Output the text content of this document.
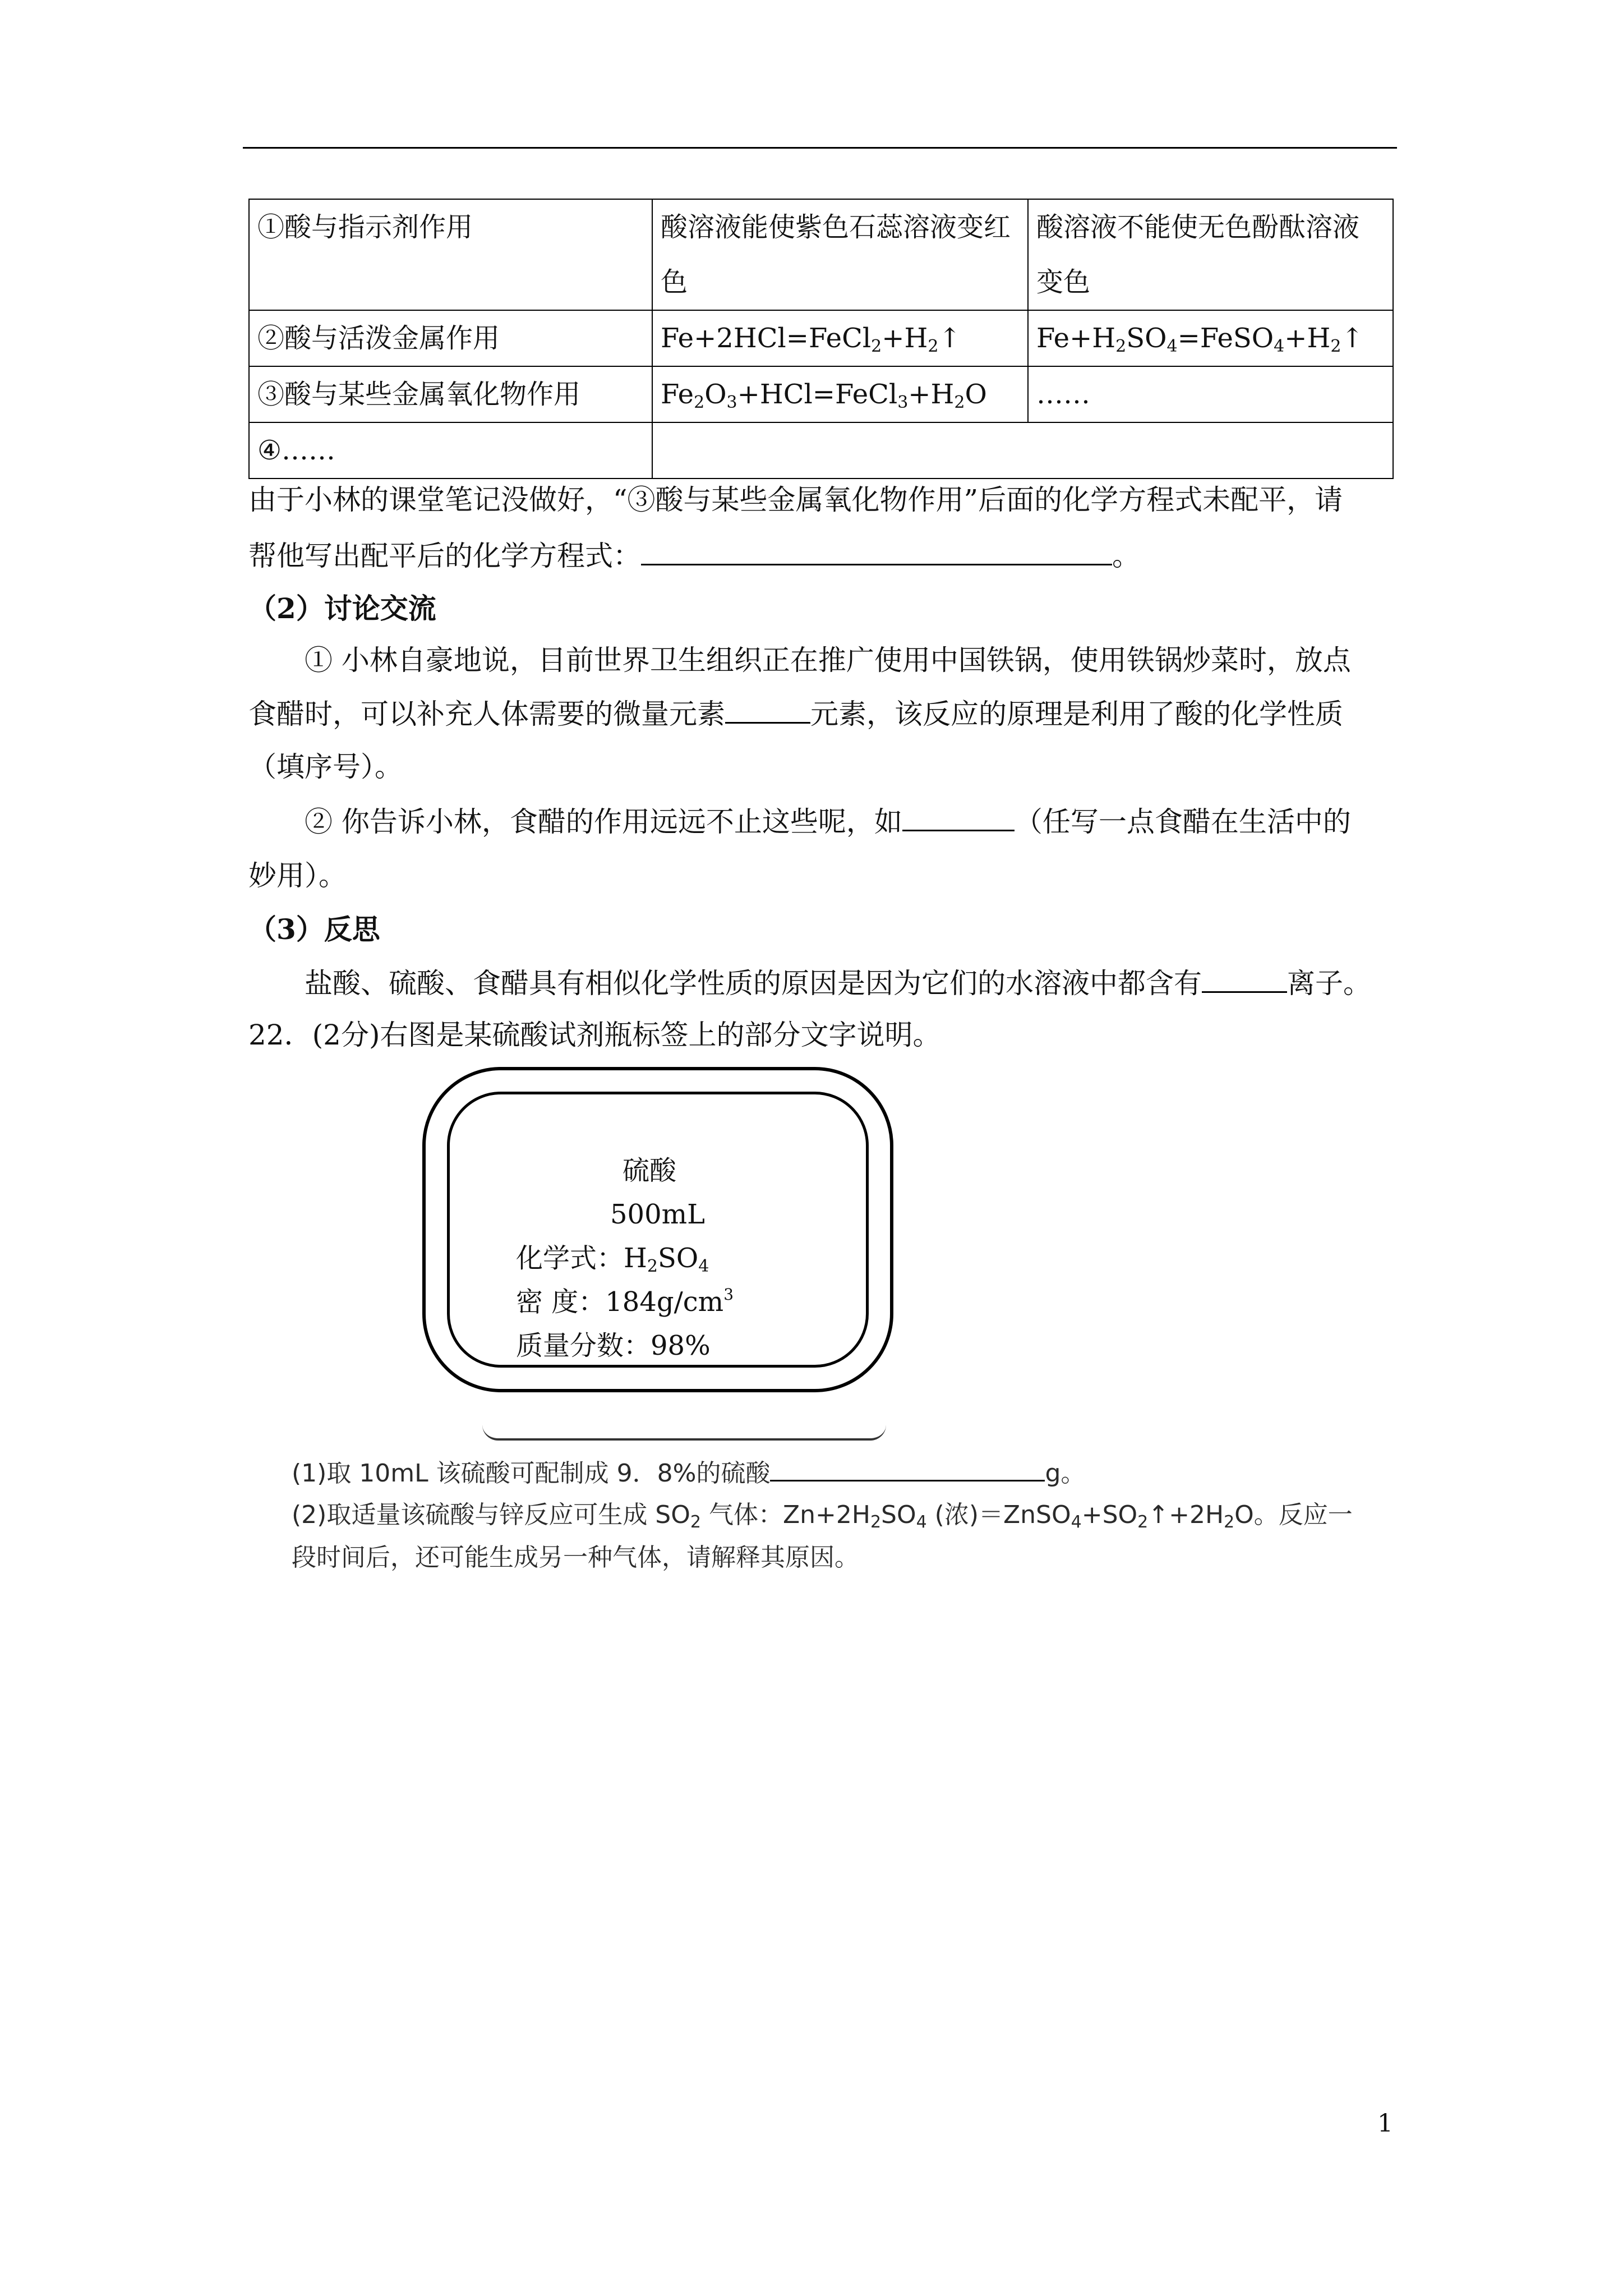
①酸与指示剂作用	酸溶液能使紫色石蕊溶液变红色	酸溶液不能使无色酚酞溶液变色
②酸与活泼金属作用	$Fe+2HCl=FeCl_2+H_2↑$	$Fe+H_2SO_4=FeSO_4+H_2↑$
③酸与某些金属氧化物作用	$Fe_2O_3+HCl=FeCl_3+H_2O$	……
④……		
由于小林的课堂笔记没做好，“③酸与某些金属氧化物作用”后面的化学方程式未配平，请
帮他写出配平后的化学方程式：	。
（2）讨论交流
① 小林自豪地说，目前世界卫生组织正在推广使用中国铁锅，使用铁锅炒菜时，放点
食醋时，可以补充人体需要的微量元素	元素，该反应的原理是利用了酸的化学性质
（填序号）。
② 你告诉小林，食醋的作用远远不止这些呢，如	（任写一点食醋在生活中的
妙用）。
（3）反思
盐酸、硫酸、食醋具有相似化学性质的原因是因为它们的水溶液中都含有	离子。
22．(2分)右图是某硫酸试剂瓶标签上的部分文字说明。
硫酸
500mL
化学式：$H_2SO_4$
密 度：$184g/cm^3$
质量分数：98%
(1)取 10mL 该硫酸可配制成 9．8%的硫酸	g。
(2)取适量该硫酸与锌反应可生成 $SO_2$ 气体：$Zn+2H_2SO_4$ (浓)$=ZnSO_4+SO_2↑+2H_2O$。反应一
段时间后，还可能生成另一种气体，请解释其原因。
1
